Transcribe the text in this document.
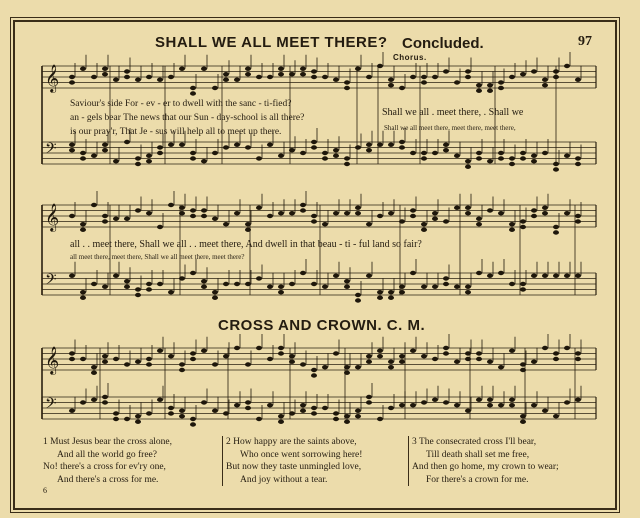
𝄞
𝄢
𝄞
𝄢
𝄞
𝄢
SHALL WE ALL MEET THERE? Concluded.	97
Chorus.
Saviour's side For - ev - er to dwell with the sanc - ti-fied?
an - gels bear The news that our Sun - day-school is all there?
is our pray'r, That Je - sus will help all to meet up there.
Shall we all . meet there, . Shall we
Shall we all meet there, meet there, meet there,
all . . meet there, Shall we all . . meet there, And dwell in that beau - ti - ful land so fair?
all meet there, meet there, Shall we all meet there, meet there?
CROSS AND CROWN. C. M.
1 Must Jesus bear the cross alone,
And all the world go free?
No! there's a cross for ev'ry one,
And there's a cross for me.
2 How happy are the saints above,
Who once went sorrowing here!
But now they taste unmingled love,
And joy without a tear.
3 The consecrated cross I'll bear,
Till death shall set me free,
And then go home, my crown to wear;
For there's a crown for me.
6
